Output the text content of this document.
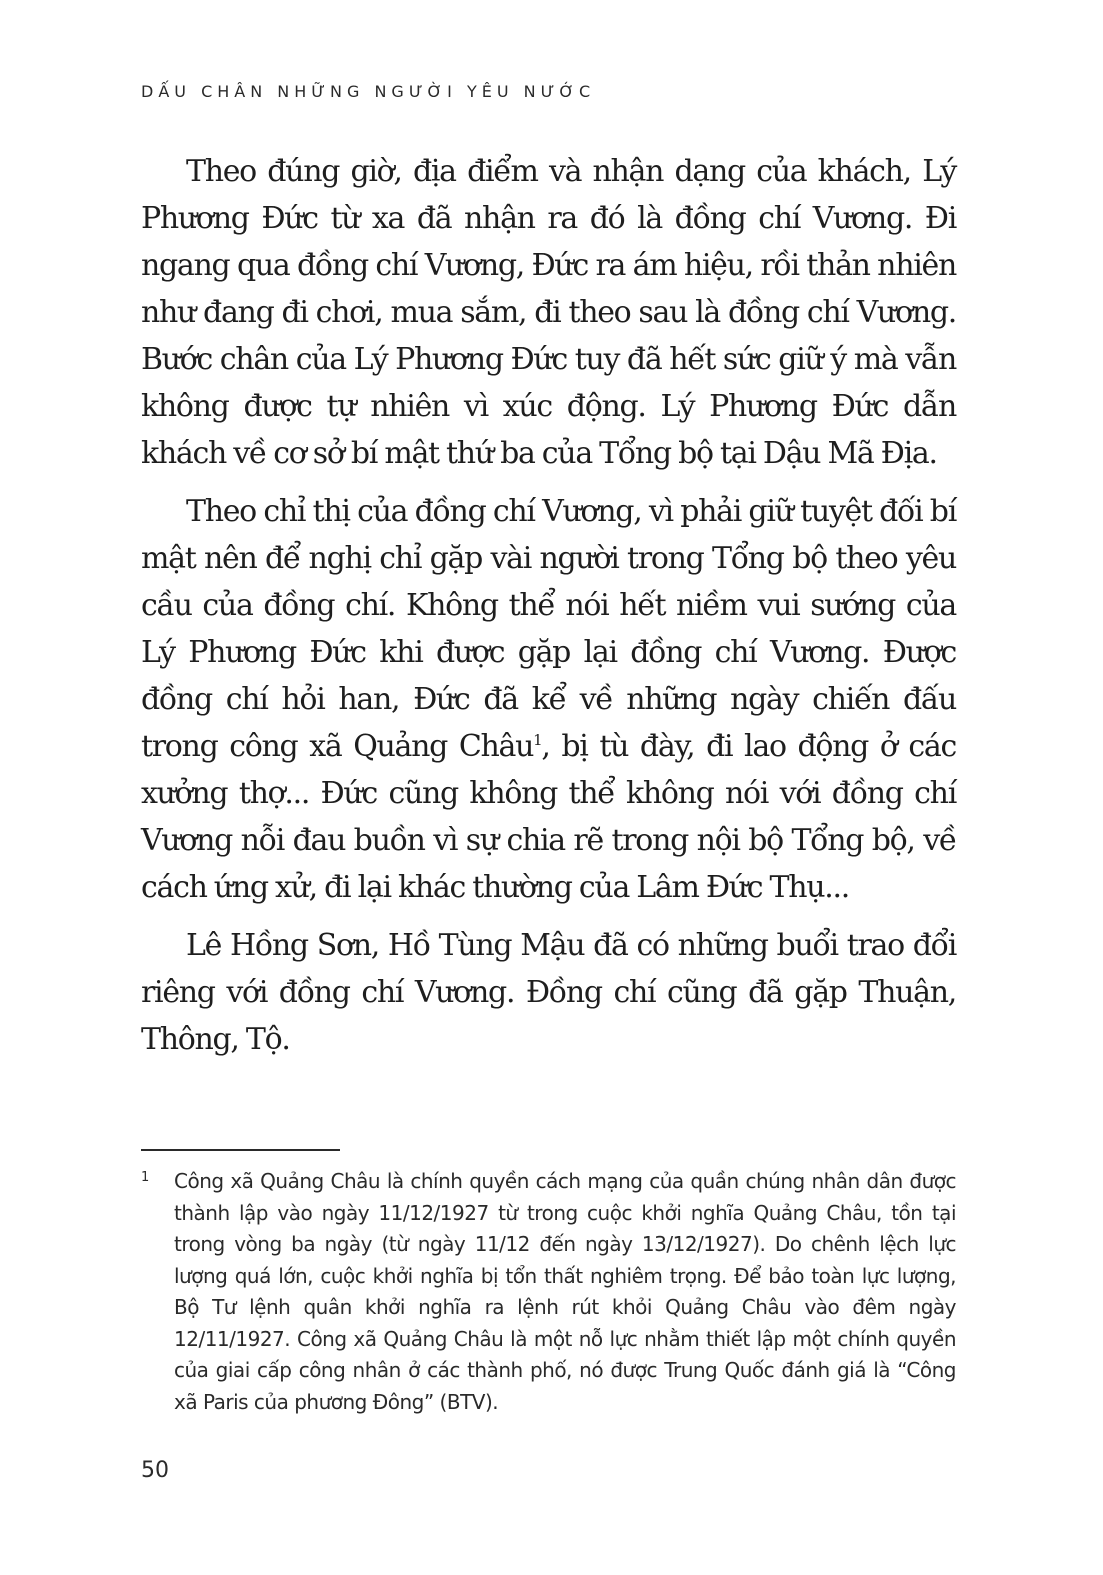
DẤU CHÂN NHỮNG NGƯỜI YÊU NƯỚC

Theo đúng giờ, địa điểm và nhận dạng của khách, Lý Phương Đức từ xa đã nhận ra đó là đồng chí Vương. Đi ngang qua đồng chí Vương, Đức ra ám hiệu, rồi thản nhiên như đang đi chơi, mua sắm, đi theo sau là đồng chí Vương. Bước chân của Lý Phương Đức tuy đã hết sức giữ ý mà vẫn không được tự nhiên vì xúc động. Lý Phương Đức dẫn khách về cơ sở bí mật thứ ba của Tổng bộ tại Dậu Mã Địa.

Theo chỉ thị của đồng chí Vương, vì phải giữ tuyệt đối bí mật nên để nghị chỉ gặp vài người trong Tổng bộ theo yêu cầu của đồng chí. Không thể nói hết niềm vui sướng của Lý Phương Đức khi được gặp lại đồng chí Vương. Được đồng chí hỏi han, Đức đã kể về những ngày chiến đấu trong công xã Quảng Châu$^1$, bị tù đày, đi lao động ở các xưởng thợ... Đức cũng không thể không nói với đồng chí Vương nỗi đau buồn vì sự chia rẽ trong nội bộ Tổng bộ, về cách ứng xử, đi lại khác thường của Lâm Đức Thụ...

Lê Hồng Sơn, Hồ Tùng Mậu đã có những buổi trao đổi riêng với đồng chí Vương. Đồng chí cũng đã gặp Thuận, Thông, Tộ.

1 Công xã Quảng Châu là chính quyền cách mạng của quần chúng nhân dân được thành lập vào ngày 11/12/1927 từ trong cuộc khởi nghĩa Quảng Châu, tồn tại trong vòng ba ngày (từ ngày 11/12 đến ngày 13/12/1927). Do chênh lệch lực lượng quá lớn, cuộc khởi nghĩa bị tổn thất nghiêm trọng. Để bảo toàn lực lượng, Bộ Tư lệnh quân khởi nghĩa ra lệnh rút khỏi Quảng Châu vào đêm ngày 12/11/1927. Công xã Quảng Châu là một nỗ lực nhằm thiết lập một chính quyền của giai cấp công nhân ở các thành phố, nó được Trung Quốc đánh giá là “Công xã Paris của phương Đông” (BTV).
50
